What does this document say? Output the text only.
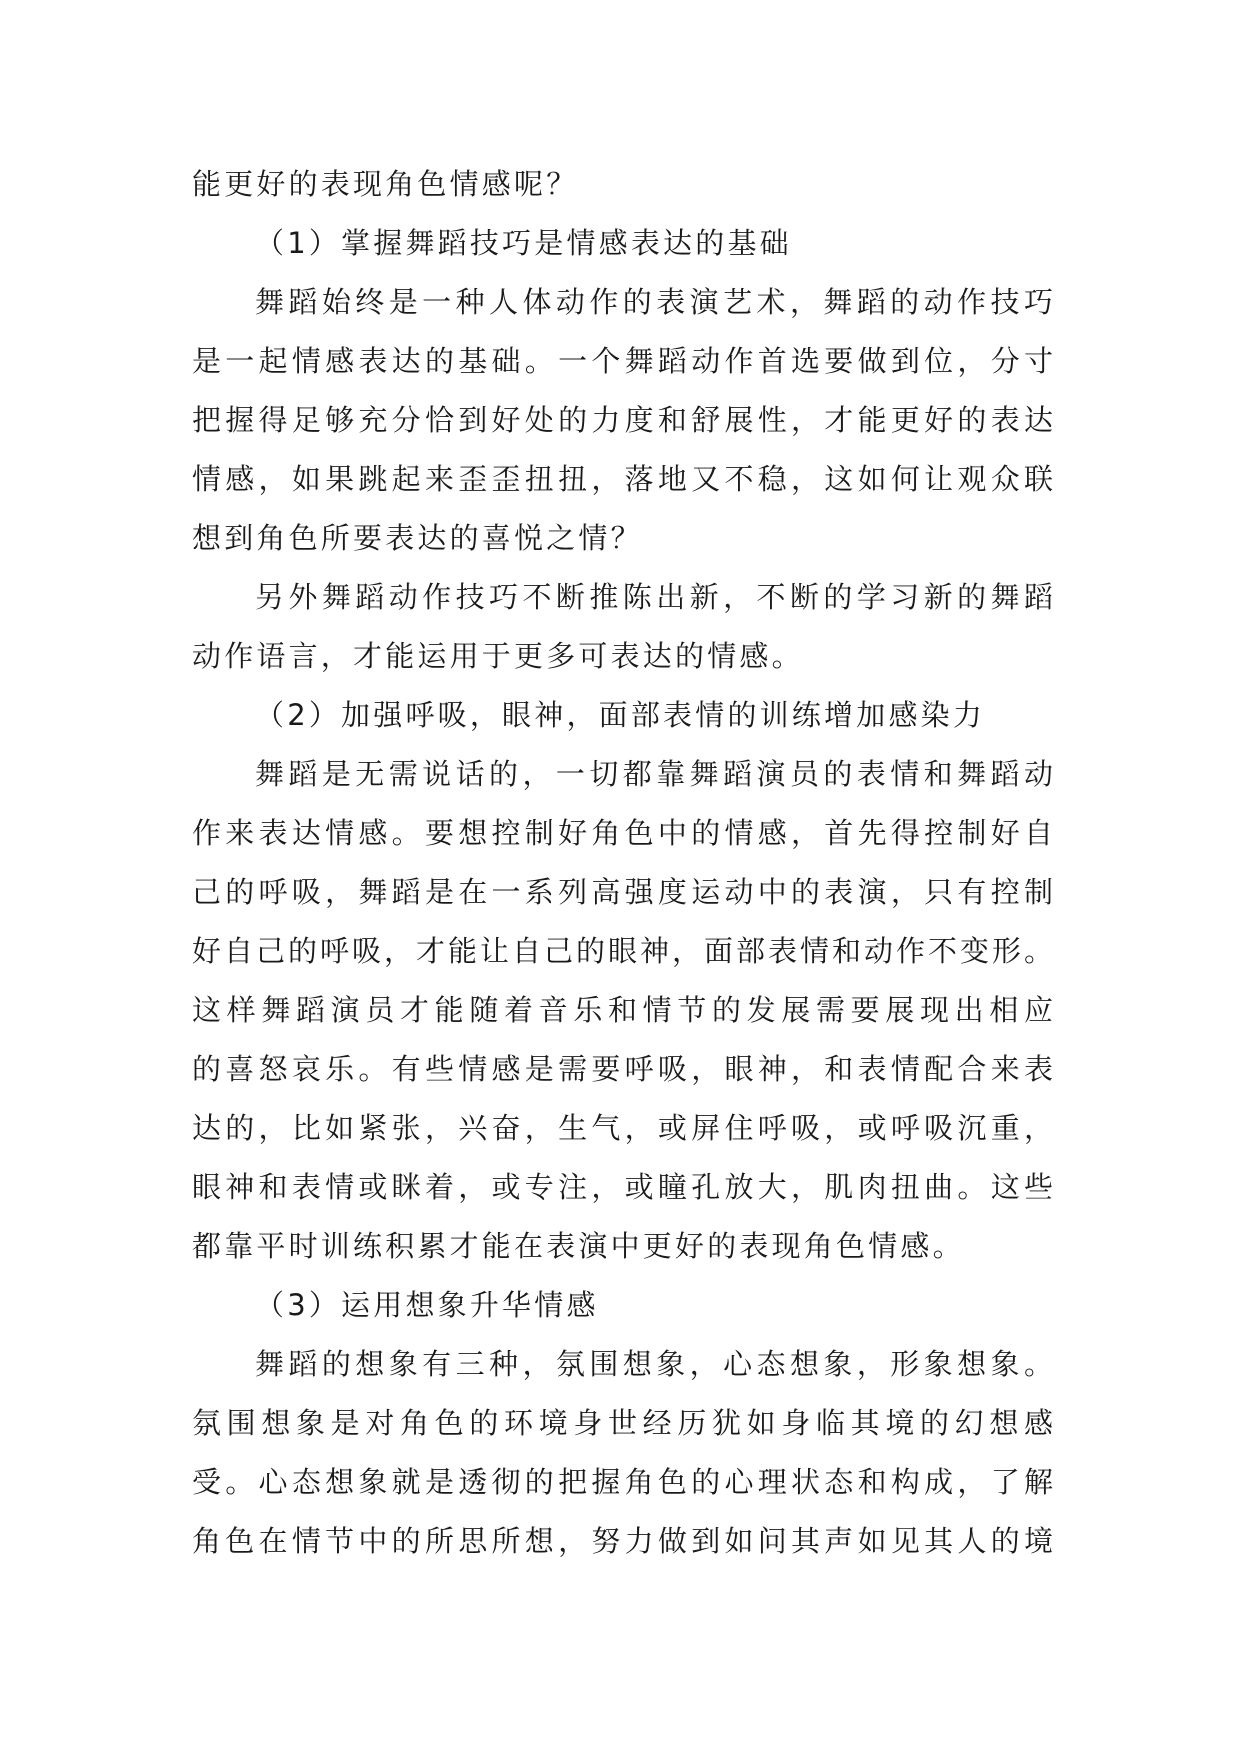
能更好的表现角色情感呢？
（1）掌握舞蹈技巧是情感表达的基础
舞蹈始终是一种人体动作的表演艺术，舞蹈的动作技巧
是一起情感表达的基础。一个舞蹈动作首选要做到位，分寸
把握得足够充分恰到好处的力度和舒展性，才能更好的表达
情感，如果跳起来歪歪扭扭，落地又不稳，这如何让观众联
想到角色所要表达的喜悦之情？
另外舞蹈动作技巧不断推陈出新，不断的学习新的舞蹈
动作语言，才能运用于更多可表达的情感。
（2）加强呼吸，眼神，面部表情的训练增加感染力
舞蹈是无需说话的，一切都靠舞蹈演员的表情和舞蹈动
作来表达情感。要想控制好角色中的情感，首先得控制好自
己的呼吸，舞蹈是在一系列高强度运动中的表演，只有控制
好自己的呼吸，才能让自己的眼神，面部表情和动作不变形。
这样舞蹈演员才能随着音乐和情节的发展需要展现出相应
的喜怒哀乐。有些情感是需要呼吸，眼神，和表情配合来表
达的，比如紧张，兴奋，生气，或屏住呼吸，或呼吸沉重，
眼神和表情或眯着，或专注，或瞳孔放大，肌肉扭曲。这些
都靠平时训练积累才能在表演中更好的表现角色情感。
（3）运用想象升华情感
舞蹈的想象有三种，氛围想象，心态想象，形象想象。
氛围想象是对角色的环境身世经历犹如身临其境的幻想感
受。心态想象就是透彻的把握角色的心理状态和构成，了解
角色在情节中的所思所想，努力做到如问其声如见其人的境
